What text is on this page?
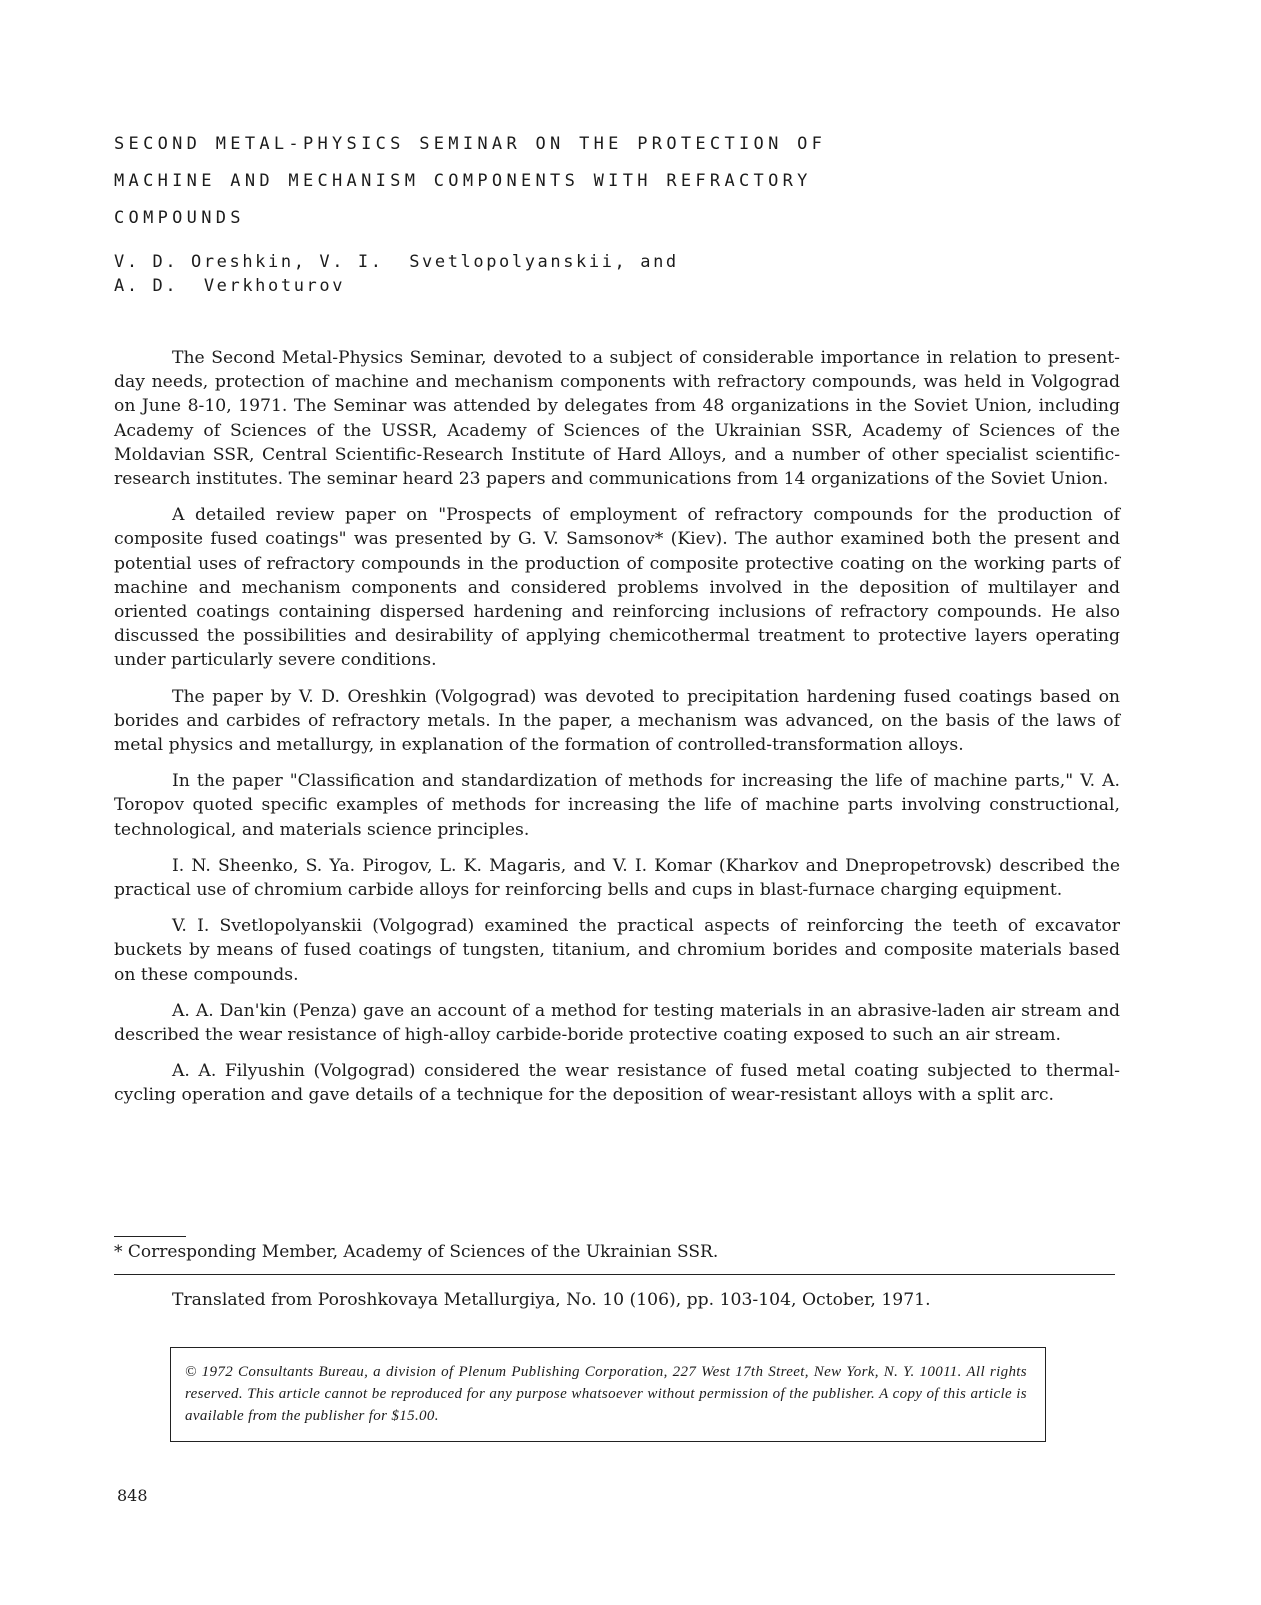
SECOND METAL-PHYSICS SEMINAR ON THE PROTECTION OF
MACHINE AND MECHANISM COMPONENTS WITH REFRACTORY
COMPOUNDS
V. D. Oreshkin, V. I.  Svetlopolyanskii, and
A. D.  Verkhoturov

The Second Metal-Physics Seminar, devoted to a subject of considerable importance in relation to present-day needs, protection of machine and mechanism components with refractory compounds, was held in Volgograd on June 8-10, 1971. The Seminar was attended by delegates from 48 organizations in the Soviet Union, including Academy of Sciences of the USSR, Academy of Sciences of the Ukrainian SSR, Academy of Sciences of the Moldavian SSR, Central Scientific-Research Institute of Hard Alloys, and a number of other specialist scientific-research institutes. The seminar heard 23 papers and communications from 14 organizations of the Soviet Union.

A detailed review paper on "Prospects of employment of refractory compounds for the production of composite fused coatings" was presented by G. V. Samsonov* (Kiev). The author examined both the present and potential uses of refractory compounds in the production of composite protective coating on the working parts of machine and mechanism components and considered problems involved in the deposition of multilayer and oriented coatings containing dispersed hardening and reinforcing inclusions of refractory compounds. He also discussed the possibilities and desirability of applying chemicothermal treatment to protective layers operating under particularly severe conditions.

The paper by V. D. Oreshkin (Volgograd) was devoted to precipitation hardening fused coatings based on borides and carbides of refractory metals. In the paper, a mechanism was advanced, on the basis of the laws of metal physics and metallurgy, in explanation of the formation of controlled-transformation alloys.

In the paper "Classification and standardization of methods for increasing the life of machine parts," V. A. Toropov quoted specific examples of methods for increasing the life of machine parts involving constructional, technological, and materials science principles.

I. N. Sheenko, S. Ya. Pirogov, L. K. Magaris, and V. I. Komar (Kharkov and Dnepropetrovsk) described the practical use of chromium carbide alloys for reinforcing bells and cups in blast-furnace charging equipment.

V. I. Svetlopolyanskii (Volgograd) examined the practical aspects of reinforcing the teeth of excavator buckets by means of fused coatings of tungsten, titanium, and chromium borides and composite materials based on these compounds.

A. A. Dan'kin (Penza) gave an account of a method for testing materials in an abrasive-laden air stream and described the wear resistance of high-alloy carbide-boride protective coating exposed to such an air stream.

A. A. Filyushin (Volgograd) considered the wear resistance of fused metal coating subjected to thermal-cycling operation and gave details of a technique for the deposition of wear-resistant alloys with a split arc.

* Corresponding Member, Academy of Sciences of the Ukrainian SSR.
Translated from Poroshkovaya Metallurgiya, No. 10 (106), pp. 103-104, October, 1971.

© 1972 Consultants Bureau, a division of Plenum Publishing Corporation, 227 West 17th Street, New York, N. Y. 10011. All rights reserved. This article cannot be reproduced for any purpose whatsoever without permission of the publisher. A copy of this article is available from the publisher for $15.00.

848
